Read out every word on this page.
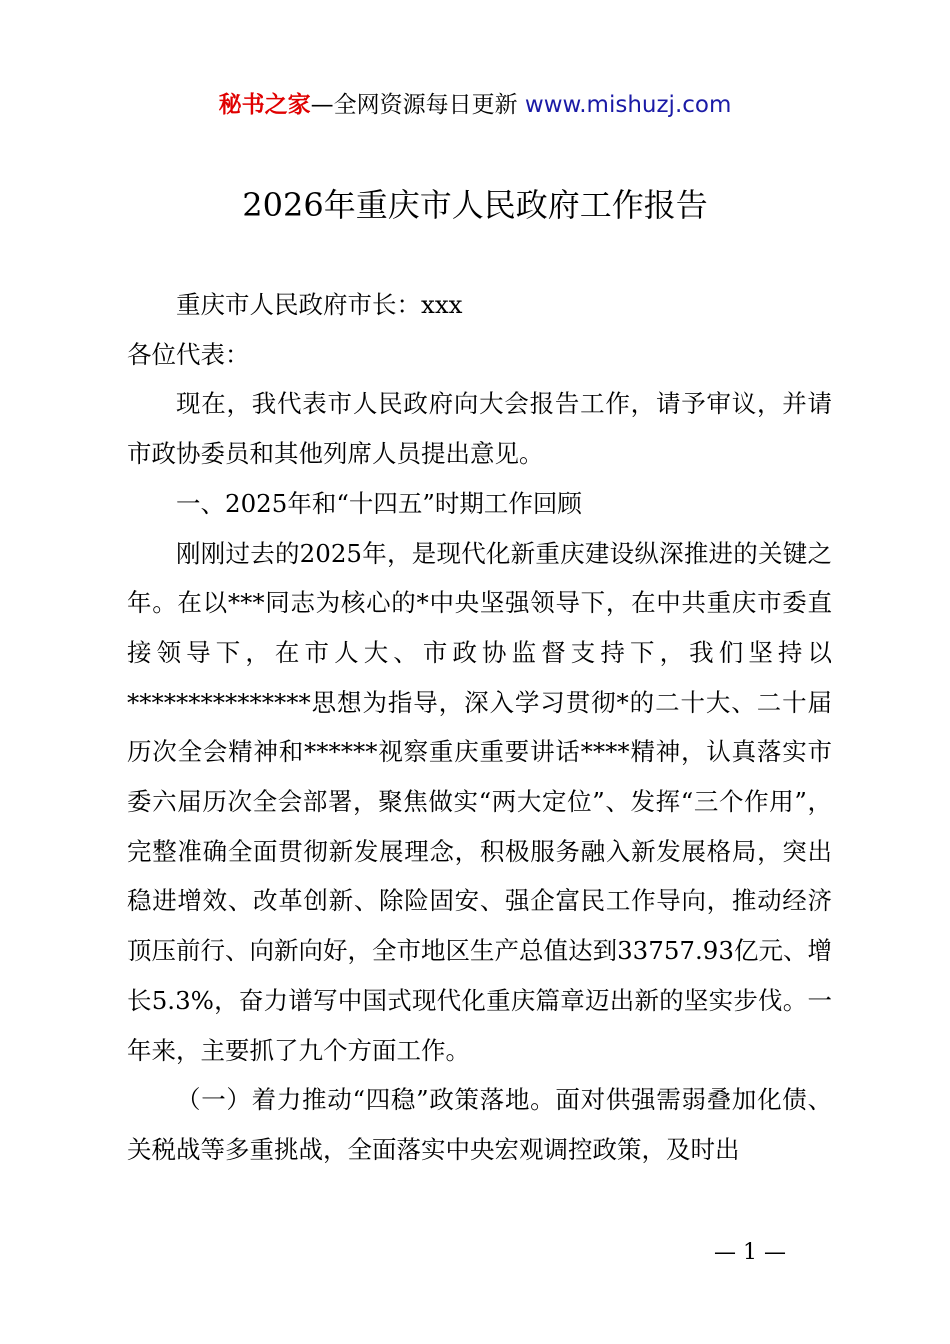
秘书之家—全网资源每日更新 www.mishuzj.com
2026年重庆市人民政府工作报告

重庆市人民政府市长：xxx

各位代表：

现在，我代表市人民政府向大会报告工作，请予审议，并请市政协委员和其他列席人员提出意见。

一、2025年和“十四五”时期工作回顾

刚刚过去的2025年，是现代化新重庆建设纵深推进的关键之年。在以***同志为核心的*中央坚强领导下，在中共重庆市委直接领导下，在市人大、市政协监督支持下，我们坚持以***************思想为指导，深入学习贯彻*的二十大、二十届历次全会精神和******视察重庆重要讲话****精神，认真落实市委六届历次全会部署，聚焦做实“两大定位”、发挥“三个作用”，完整准确全面贯彻新发展理念，积极服务融入新发展格局，突出稳进增效、改革创新、除险固安、强企富民工作导向，推动经济顶压前行、向新向好，全市地区生产总值达到33757.93亿元、增长5.3%，奋力谱写中国式现代化重庆篇章迈出新的坚实步伐。一年来，主要抓了九个方面工作。

（一）着力推动“四稳”政策落地。面对供强需弱叠加化债、关税战等多重挑战，全面落实中央宏观调控政策，及时出

— 1 —
